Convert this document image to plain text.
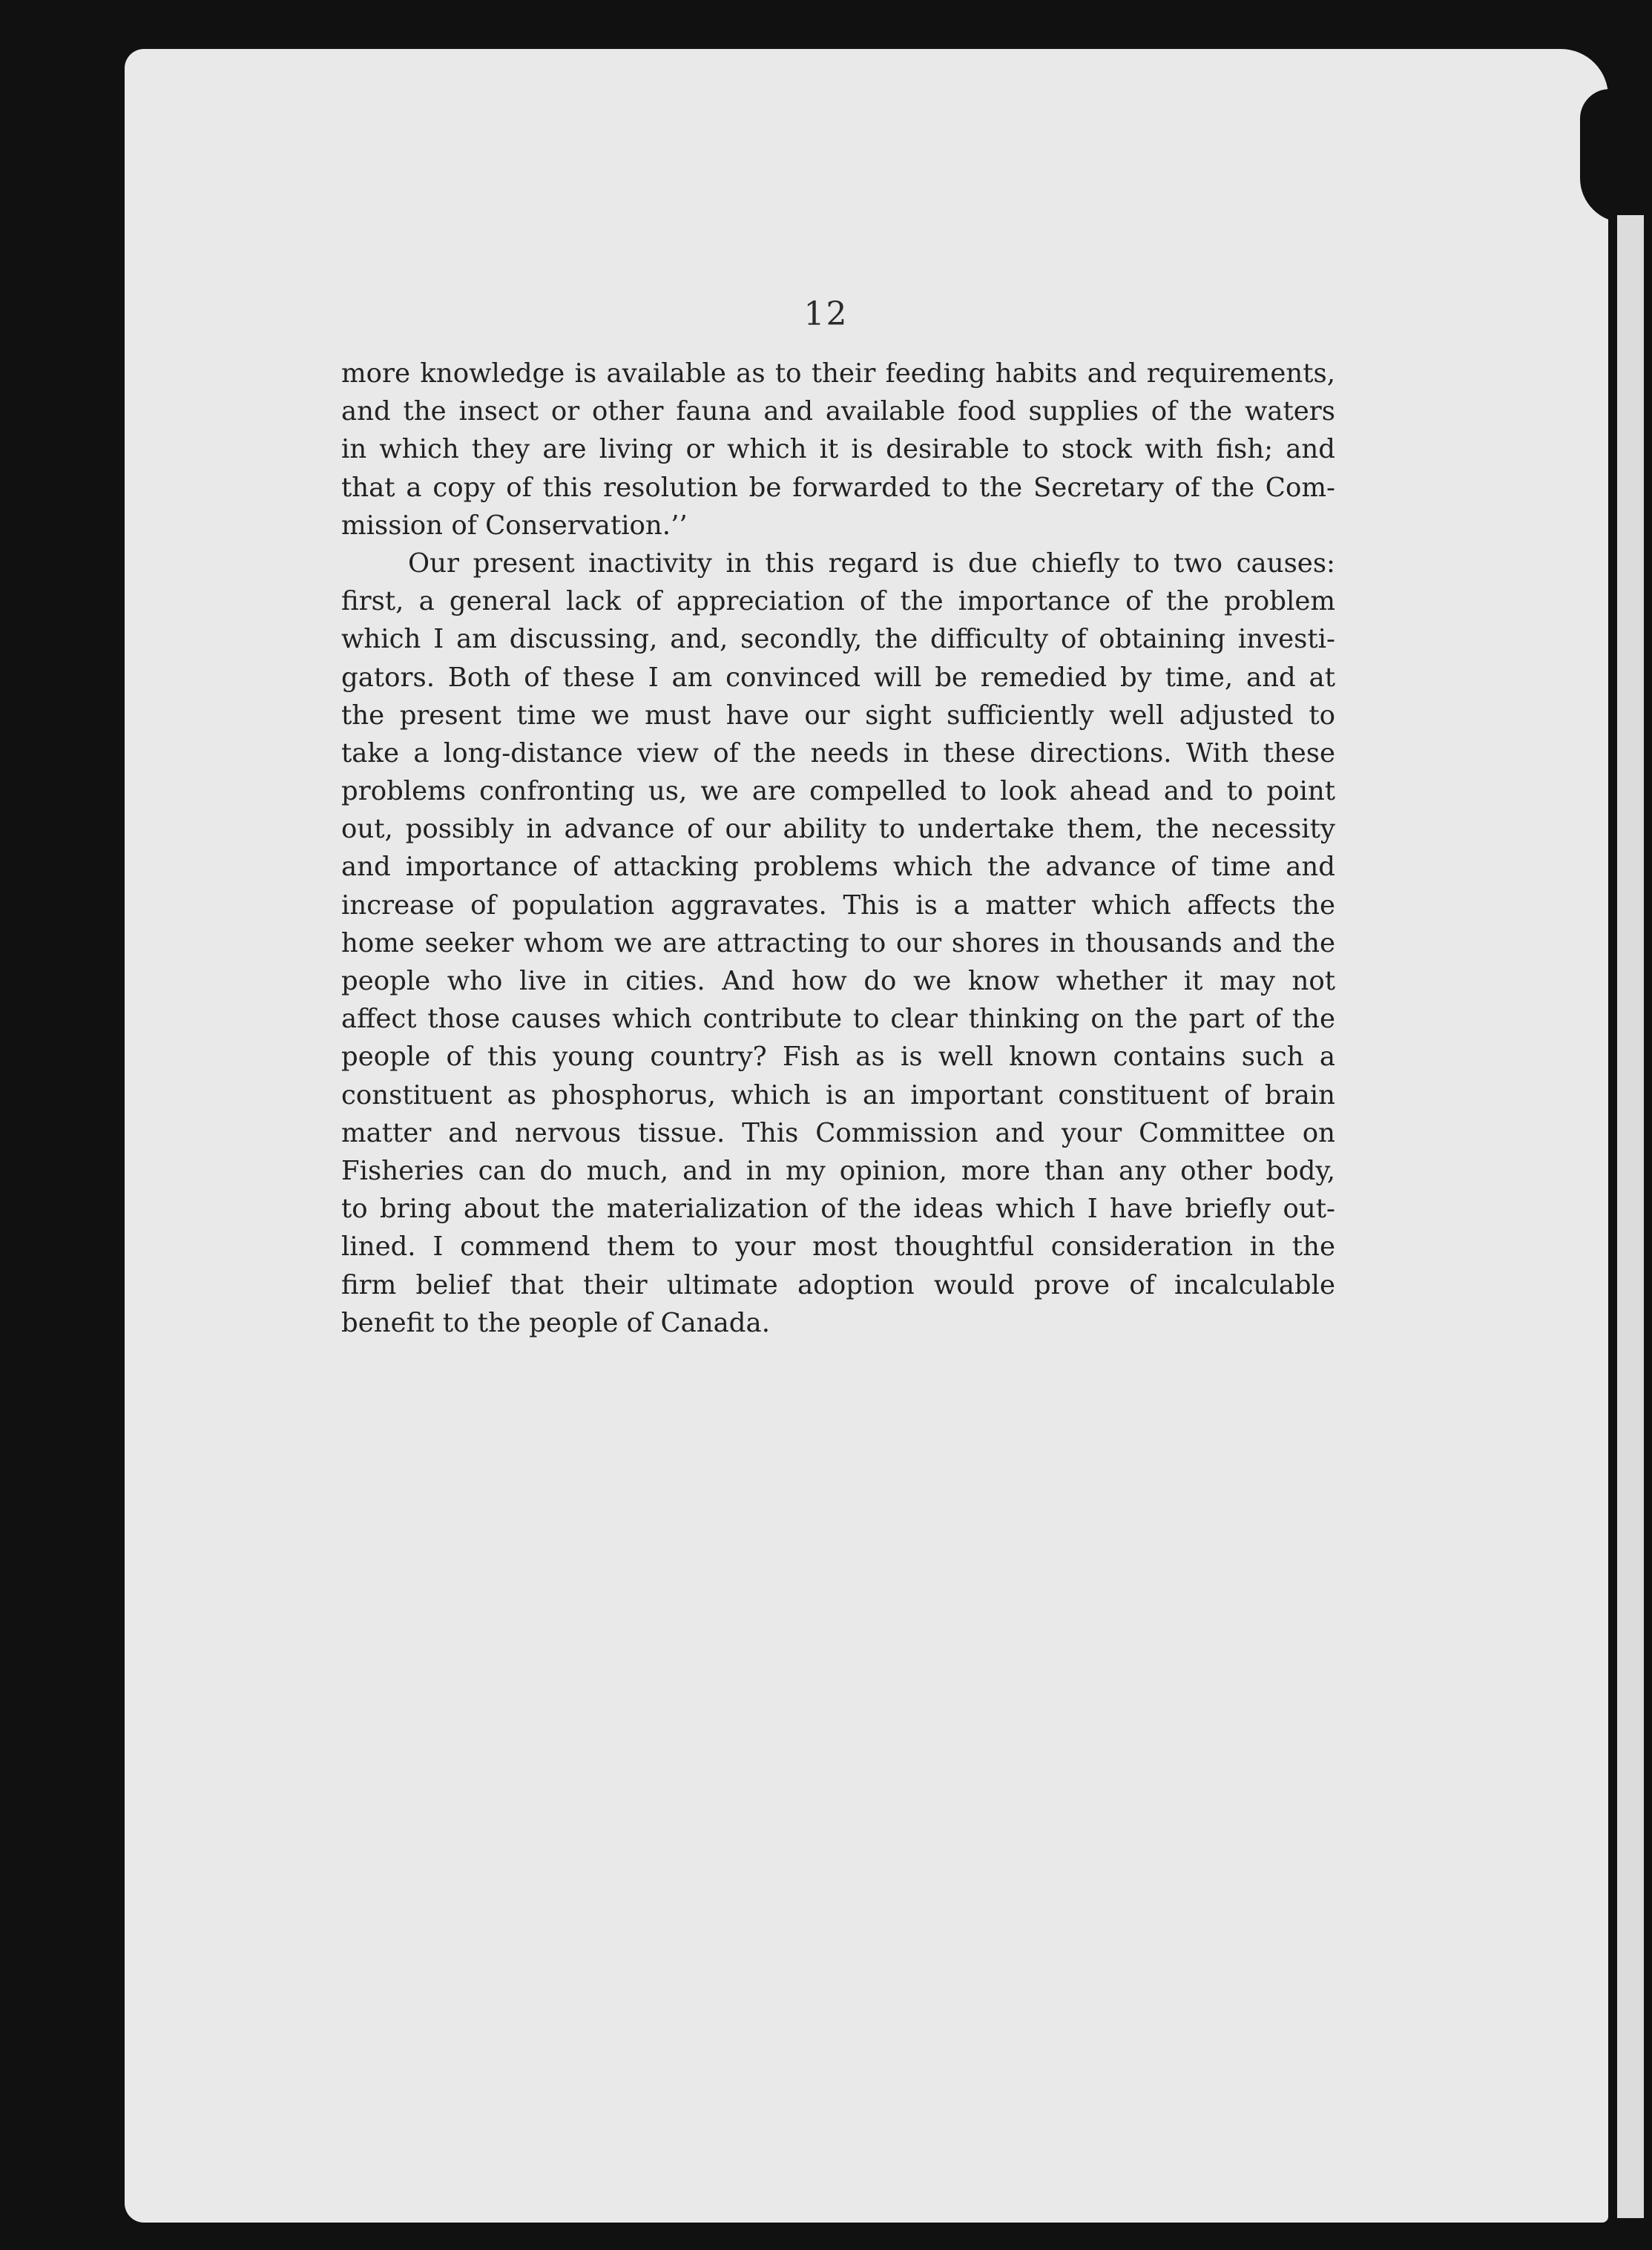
12

more knowledge is available as to their feeding habits and requirements,
and the insect or other fauna and available food supplies of the waters
in which they are living or which it is desirable to stock with fish; and
that a copy of this resolution be forwarded to the Secretary of the Com-
mission of Conservation.’’

Our present inactivity in this regard is due chiefly to two causes:
first, a general lack of appreciation of the importance of the problem
which I am discussing, and, secondly, the difficulty of obtaining investi-
gators. Both of these I am convinced will be remedied by time, and at
the present time we must have our sight sufficiently well adjusted to
take a long-distance view of the needs in these directions. With these
problems confronting us, we are compelled to look ahead and to point
out, possibly in advance of our ability to undertake them, the necessity
and importance of attacking problems which the advance of time and
increase of population aggravates. This is a matter which affects the
home seeker whom we are attracting to our shores in thousands and the
people who live in cities. And how do we know whether it may not
affect those causes which contribute to clear thinking on the part of the
people of this young country? Fish as is well known contains such a
constituent as phosphorus, which is an important constituent of brain
matter and nervous tissue. This Commission and your Committee on
Fisheries can do much, and in my opinion, more than any other body,
to bring about the materialization of the ideas which I have briefly out-
lined. I commend them to your most thoughtful consideration in the
firm belief that their ultimate adoption would prove of incalculable
benefit to the people of Canada.
